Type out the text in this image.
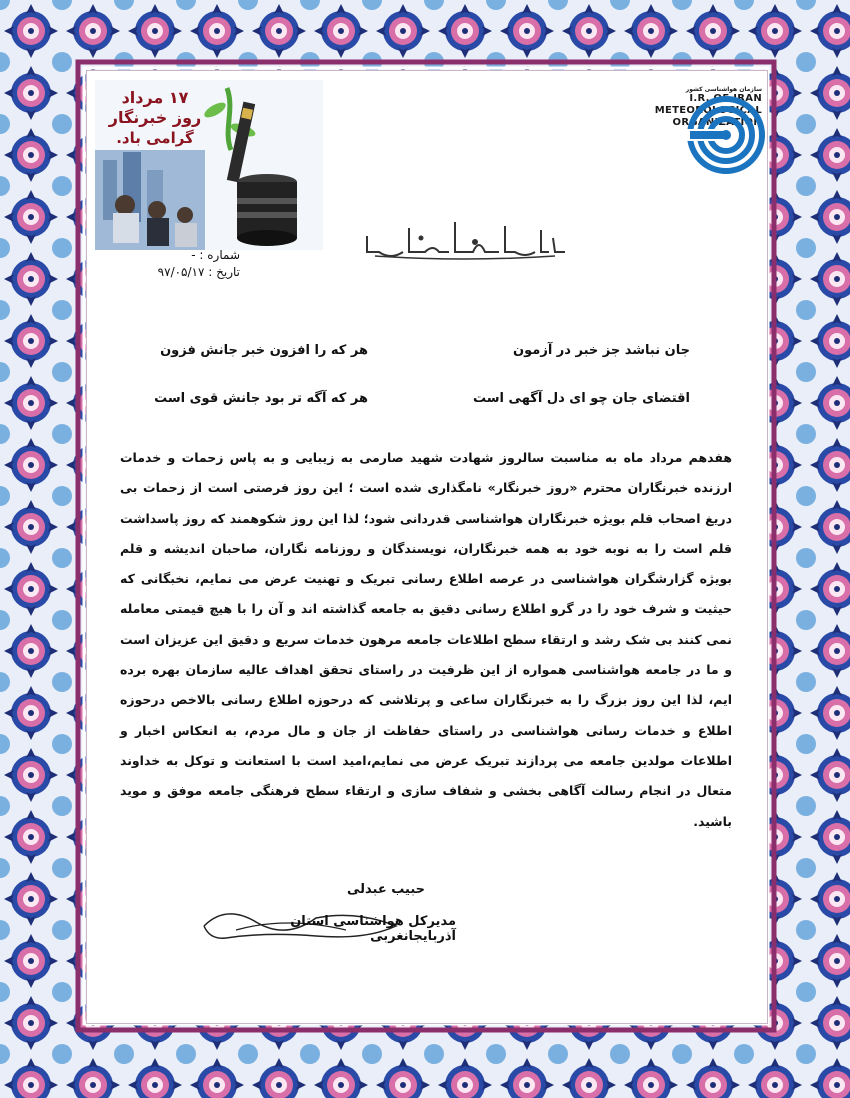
۱۷ مرداد
روز خبرنگار
گرامی باد.
سازمان هواشناسی کشور
I.R. OF IRAN
METEOROLOGICAL
ORGANIZATION
شماره : -
تاریخ : ۹۷/۰۵/۱۷
جان نباشد جز خبر در آزمون
هر که را افزون خبر جانش فزون
اقتضای جان چو ای دل آگهی است
هر که آگه تر بود جانش قوی است
هفدهم مرداد ماه به مناسبت سالروز شهادت شهید صارمی به زیبایی و به پاس زحمات و خدمات ارزنده خبرنگاران محترم «روز خبرنگار» نامگذاری شده است ؛ این روز فرصتی است از زحمات بی دریغ اصحاب قلم بویژه خبرنگاران هواشناسی قدردانی شود؛ لذا این روز شکوهمند که روز پاسداشت قلم است را به نوبه خود به همه خبرنگاران، نویسندگان و روزنامه نگاران، صاحبان اندیشه و قلم بویژه گزارشگران هواشناسی در عرصه اطلاع رسانی تبریک و تهنیت عرض می نمایم، نخبگانی که حیثیت و شرف خود را در گرو اطلاع رسانی دقیق به جامعه گذاشته اند و آن را با هیچ قیمتی معامله نمی کنند بی شک رشد و ارتقاء سطح اطلاعات جامعه مرهون خدمات سریع و دقیق این عزیزان است و ما در جامعه هواشناسی همواره از این ظرفیت در راستای تحقق اهداف عالیه سازمان بهره برده ایم، لذا این روز بزرگ را به خبرنگاران ساعی و پرتلاشی که درحوزه اطلاع رسانی بالاخص درحوزه اطلاع و خدمات رسانی هواشناسی در راستای حفاظت از جان و مال مردم، به انعکاس اخبار و اطلاعات مولدین جامعه می پردازند تبریک عرض می نمایم،امید است با استعانت و توکل به خداوند متعال در انجام رسالت آگاهی بخشی و شفاف سازی و ارتقاء سطح فرهنگی جامعه موفق و موید باشید.
حبیب عبدلی
مدیرکل هواشناسی استان آذربایجانغربی
